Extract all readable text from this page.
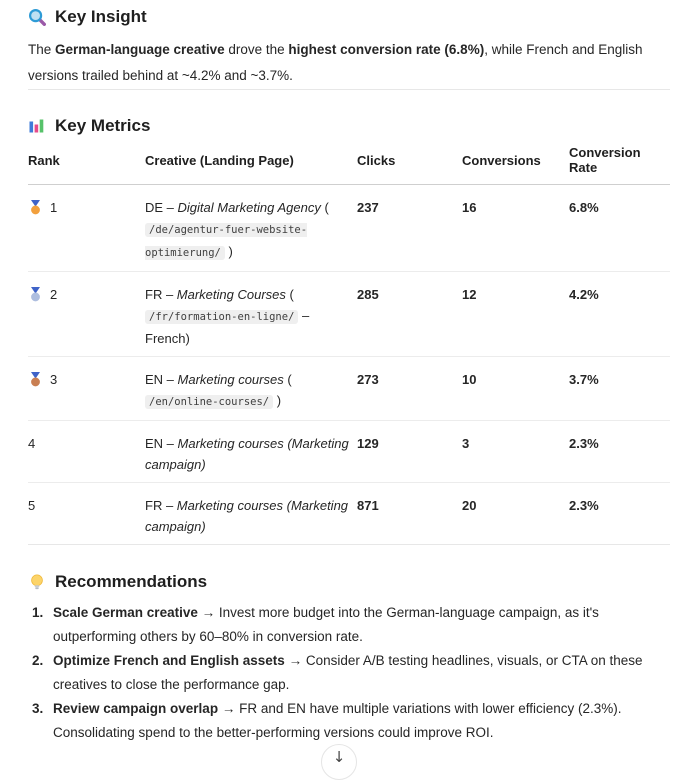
Key Insight

The German-language creative drove the highest conversion rate (6.8%), while French and English versions trailed behind at ~4.2% and ~3.7%.

Key Metrics
Rank	Creative (Landing Page)	Clicks	Conversions	Conversion Rate
1	DE – Digital Marketing Agency ( /de/agentur-fuer-website-optimierung/ )	237	16	6.8%
2	FR – Marketing Courses ( /fr/formation-en-ligne/ – French)	285	12	4.2%
3	EN – Marketing courses ( /en/online-courses/ )	273	10	3.7%
4	EN – Marketing courses (Marketing campaign)	129	3	2.3%
5	FR – Marketing courses (Marketing campaign)	871	20	2.3%
Recommendations
1. Scale German creative → Invest more budget into the German-language campaign, as it's outperforming others by 60–80% in conversion rate.
2. Optimize French and English assets → Consider A/B testing headlines, visuals, or CTA on these creatives to close the performance gap.
3. Review campaign overlap → FR and EN have multiple variations with lower efficiency (2.3%). Consolidating spend to the better-performing versions could improve ROI.
↓
